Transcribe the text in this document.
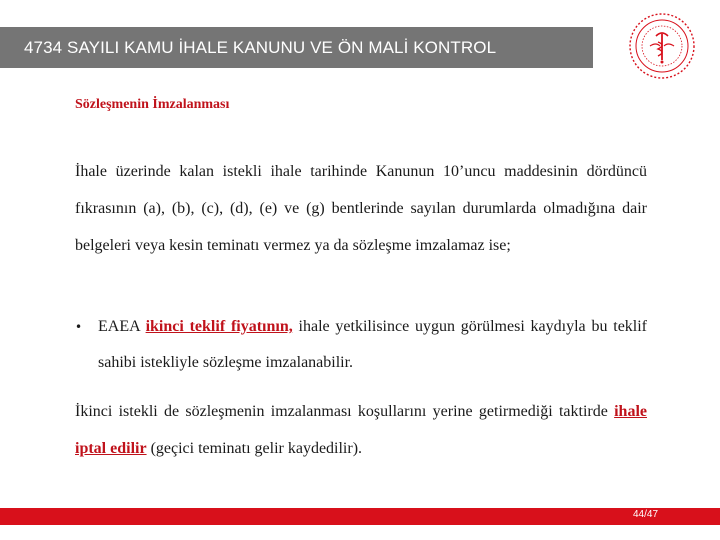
4734 SAYILI KAMU İHALE KANUNU VE ÖN MALİ KONTROL
Sözleşmenin İmzalanması
İhale üzerinde kalan istekli ihale tarihinde Kanunun 10’uncu maddesinin dördüncü fıkrasının (a), (b), (c), (d), (e) ve (g) bentlerinde sayılan durumlarda olmadığına dair belgeleri veya kesin teminatı vermez ya da sözleşme imzalamaz ise;
• EAEA ikinci teklif fiyatının, ihale yetkilisince uygun görülmesi kaydıyla bu teklif sahibi istekliyle sözleşme imzalanabilir.
İkinci istekli de sözleşmenin imzalanması koşullarını yerine getirmediği taktirde ihale iptal edilir (geçici teminatı gelir kaydedilir).
44/47
